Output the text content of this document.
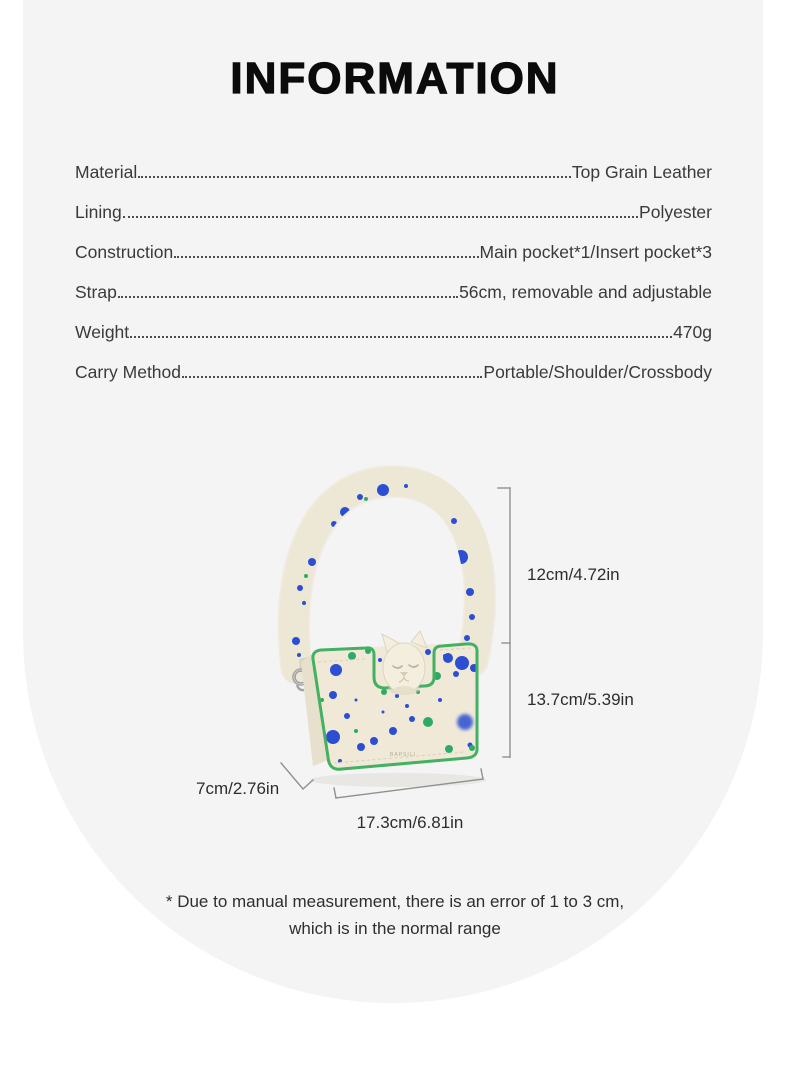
INFORMATION
Material	Top Grain Leather
Lining	Polyester
Construction	Main pocket*1/Insert pocket*3
Strap	56cm, removable and adjustable
Weight	470g
Carry Method	Portable/Shoulder/Crossbody
BAPSILI
12cm/4.72in
13.7cm/5.39in
7cm/2.76in
17.3cm/6.81in
* Due to manual measurement, there is an error of 1 to 3 cm,
which is in the normal range
